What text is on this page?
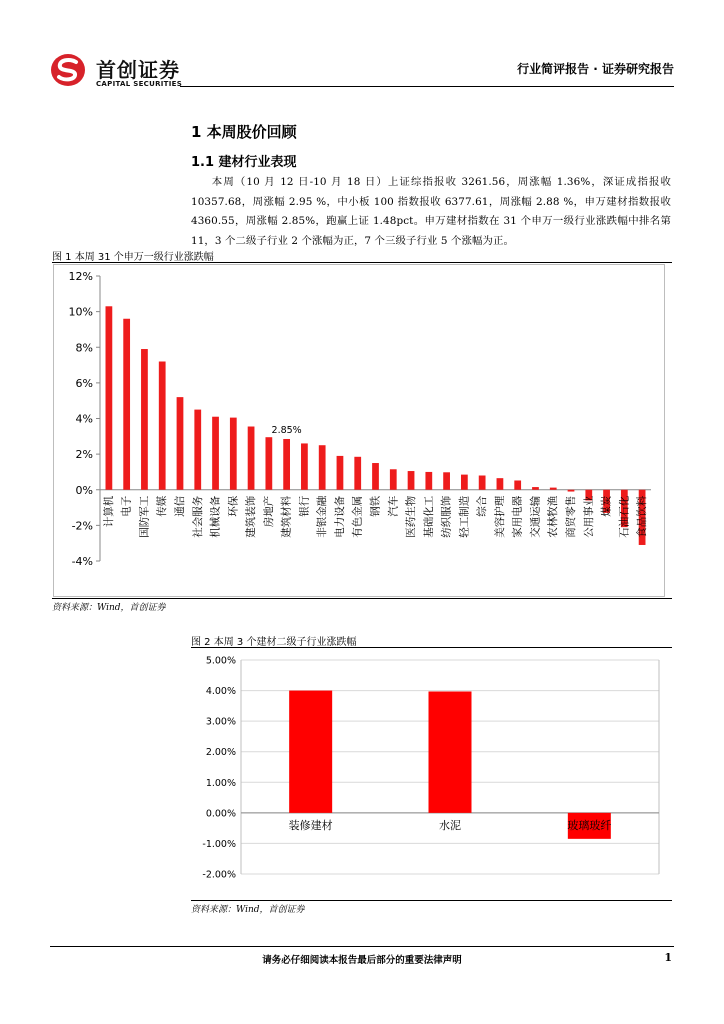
首创证券
CAPITAL SECURITIES
行业简评报告 · 证券研究报告
1 本周股价回顾
1.1 建材行业表现
本周（10 月 12 日-10 月 18 日）上证综指报收 3261.56，周涨幅 1.36%，深证成指报收 10357.68，周涨幅 2.95 %，中小板 100 指数报收 6377.61，周涨幅 2.88 %，申万建材指数报收 4360.55，周涨幅 2.85%，跑赢上证 1.48pct。申万建材指数在 31 个申万一级行业涨跌幅中排名第 11，3 个二级子行业 2 个涨幅为正，7 个三级子行业 5 个涨幅为正。
图 1 本周 31 个申万一级行业涨跌幅
12%
10%
8%
6%
4%
2%
0%
-2%
-4%
计算机 电子 国防军工 传媒 通信 社会服务 机械设备 环保 建筑装饰 房地产 建筑材料
2.85%
银行 非银金融 电力设备 有色金属 钢铁 汽车 医药生物 基础化工 纺织服饰 轻工制造 综合 美容护理 家用电器 交通运输 农林牧渔 商贸零售 公用事业 煤炭 石油石化 食品饮料
资料来源：Wind，首创证券
图 2 本周 3 个建材二级子行业涨跌幅
5.00%
4.00%
3.00%
2.00%
1.00%
0.00%
-1.00%
-2.00%
装修建材	水泥	玻璃玻纤
资料来源：Wind，首创证券
请务必仔细阅读本报告最后部分的重要法律声明	1
